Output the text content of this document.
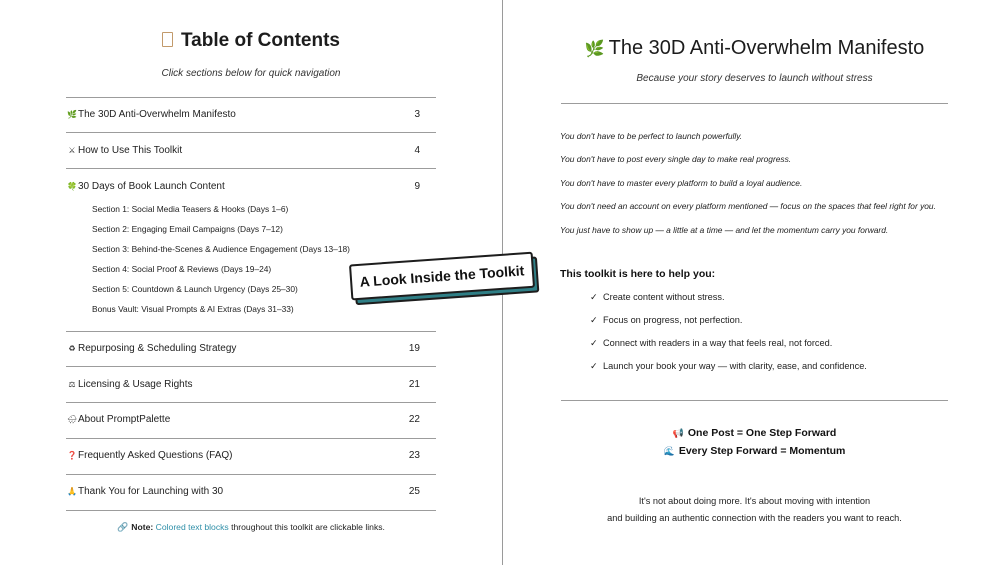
Table of Contents
Click sections below for quick navigation
🌿 The 30D Anti-Overwhelm Manifesto	3
⚔ How to Use This Toolkit	4
🍀 30 Days of Book Launch Content	9
Section 1: Social Media Teasers & Hooks (Days 1–6)
Section 2: Engaging Email Campaigns (Days 7–12)
Section 3: Behind-the-Scenes & Audience Engagement (Days 13–18)
Section 4: Social Proof & Reviews (Days 19–24)
Section 5: Countdown & Launch Urgency (Days 25–30)
Bonus Vault: Visual Prompts & AI Extras (Days 31–33)
♻ Repurposing & Scheduling Strategy	19
⚖ Licensing & Usage Rights	21
🌧 About PromptPalette	22
❓ Frequently Asked Questions (FAQ)	23
🙏 Thank You for Launching with 30	25
🔗 Note: Colored text blocks throughout this toolkit are clickable links.
A Look Inside the Toolkit
🌿 The 30D Anti-Overwhelm Manifesto
Because your story deserves to launch without stress
You don't have to be perfect to launch powerfully.
You don't have to post every single day to make real progress.
You don't have to master every platform to build a loyal audience.
You don't need an account on every platform mentioned — focus on the spaces that feel right for you.
You just have to show up — a little at a time — and let the momentum carry you forward.
This toolkit is here to help you:
✓ Create content without stress.
✓ Focus on progress, not perfection.
✓ Connect with readers in a way that feels real, not forced.
✓ Launch your book your way — with clarity, ease, and confidence.
📢 One Post = One Step Forward
🌊 Every Step Forward = Momentum
It's not about doing more. It's about moving with intention
and building an authentic connection with the readers you want to reach.
